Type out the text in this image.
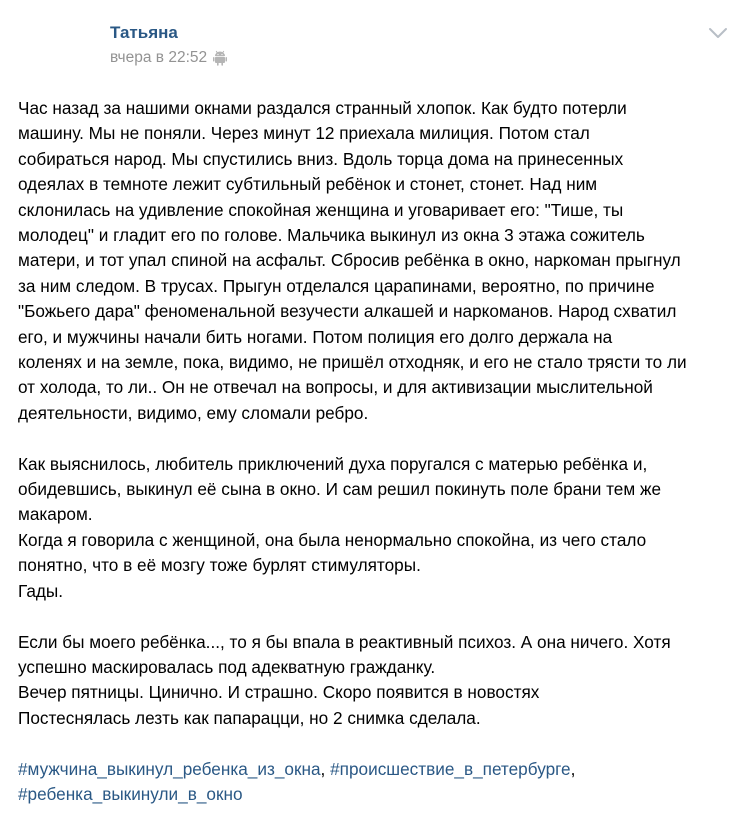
Татьяна
вчера в 22:52

Час назад за нашими окнами раздался странный хлопок. Как будто потерли
машину. Мы не поняли. Через минут 12 приехала милиция. Потом стал
собираться народ. Мы спустились вниз. Вдоль торца дома на принесенных
одеялах в темноте лежит субтильный ребёнок и стонет, стонет. Над ним
склонилась на удивление спокойная женщина и уговаривает его: "Тише, ты
молодец" и гладит его по голове. Мальчика выкинул из окна 3 этажа сожитель
матери, и тот упал спиной на асфальт. Сбросив ребёнка в окно, наркоман прыгнул
за ним следом. В трусах. Прыгун отделался царапинами, вероятно, по причине
"Божьего дара" феноменальной везучести алкашей и наркоманов. Народ схватил
его, и мужчины начали бить ногами. Потом полиция его долго держала на
коленях и на земле, пока, видимо, не пришёл отходняк, и его не стало трясти то ли
от холода, то ли.. Он не отвечал на вопросы, и для активизации мыслительной
деятельности, видимо, ему сломали ребро.

Как выяснилось, любитель приключений духа поругался с матерью ребёнка и,
обидевшись, выкинул её сына в окно. И сам решил покинуть поле брани тем же
макаром.
Когда я говорила с женщиной, она была ненормально спокойна, из чего стало
понятно, что в её мозгу тоже бурлят стимуляторы.
Гады.

Если бы моего ребёнка..., то я бы впала в реактивный психоз. А она ничего. Хотя
успешно маскировалась под адекватную гражданку.
Вечер пятницы. Цинично. И страшно. Скоро появится в новостях
Постеснялась лезть как папарацци, но 2 снимка сделала.

#мужчина_выкинул_ребенка_из_окна, #происшествие_в_петербурге,
#ребенка_выкинули_в_окно
